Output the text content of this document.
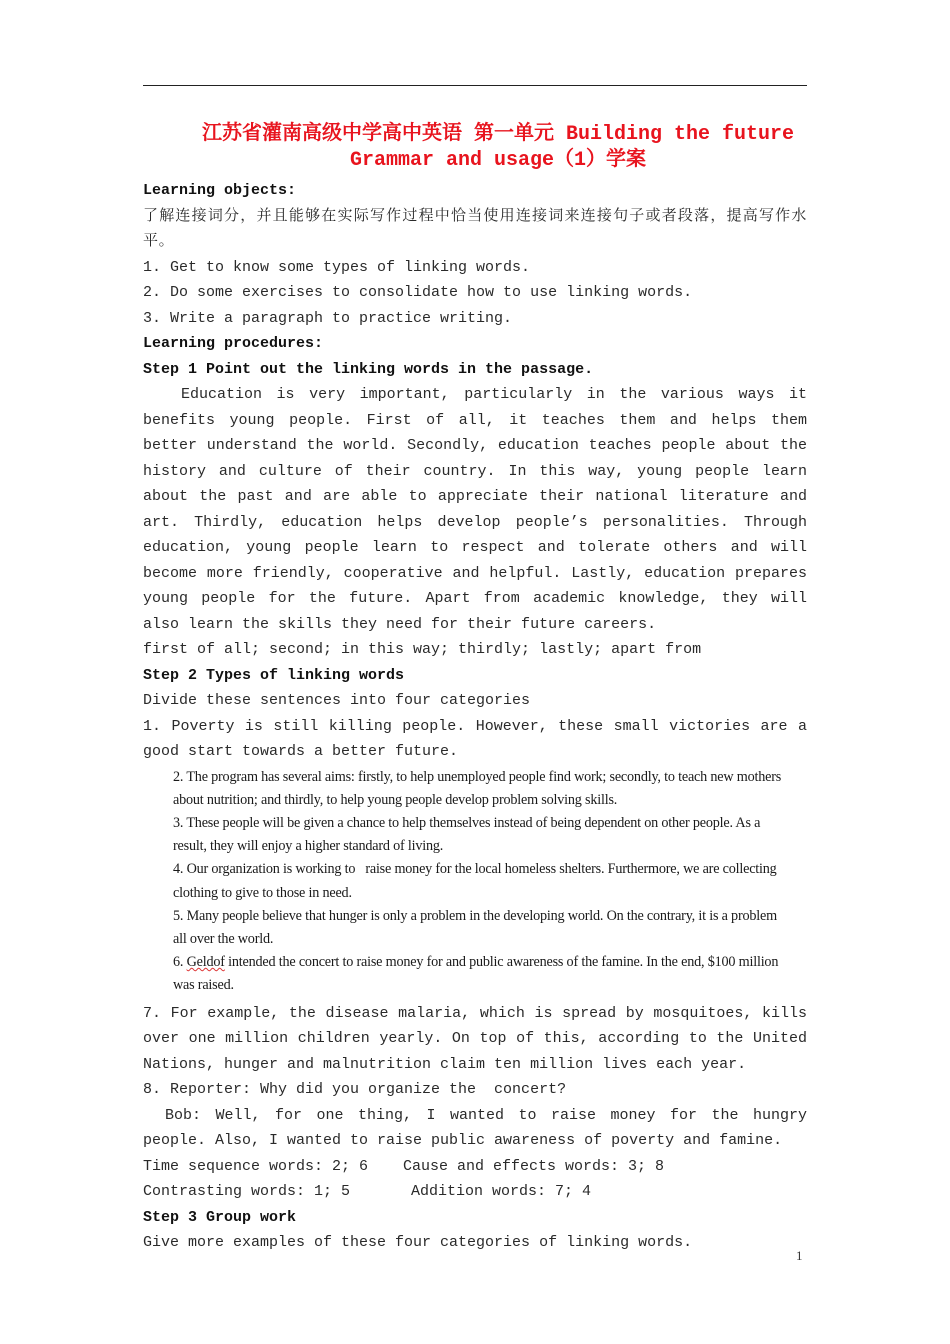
江苏省灌南高级中学高中英语 第一单元 Building the future
Grammar and usage（1）学案

Learning objects:

了解连接词分，并且能够在实际写作过程中恰当使用连接词来连接句子或者段落，提高写作水平。

1. Get to know some types of linking words.

2. Do some exercises to consolidate how to use linking words.

3. Write a paragraph to practice writing.

Learning procedures:

Step 1 Point out the linking words in the passage.

Education is very important, particularly in the various ways it benefits young people. First of all, it teaches them and helps them better understand the world. Secondly, education teaches people about the history and culture of their country. In this way, young people learn about the past and are able to appreciate their national literature and art. Thirdly, education helps develop people’s personalities. Through education, young people learn to respect and tolerate others and will become more friendly, cooperative and helpful. Lastly, education prepares young people for the future. Apart from academic knowledge, they will also learn the skills they need for their future careers.

first of all; second; in this way; thirdly; lastly; apart from

Step 2 Types of linking words

Divide these sentences into four categories

1. Poverty is still killing people. However, these small victories are a good start towards a better future.

2. The program has several aims: firstly, to help unemployed people find work; secondly, to teach new mothers about nutrition; and thirdly, to help young people develop problem solving skills.

3. These people will be given a chance to help themselves instead of being dependent on other people. As a result, they will enjoy a higher standard of living.

4. Our organization is working to   raise money for the local homeless shelters. Furthermore, we are collecting clothing to give to those in need.

5. Many people believe that hunger is only a problem in the developing world. On the contrary, it is a problem all over the world.

6. Geldof intended the concert to raise money for and public awareness of the famine. In the end, $100 million was raised.

7. For example, the disease malaria, which is spread by mosquitoes, kills over one million children yearly. On top of this, according to the United Nations, hunger and malnutrition claim ten million lives each year.

8. Reporter: Why did you organize the  concert?

Bob: Well, for one thing, I wanted to raise money for the hungry people. Also, I wanted to raise public awareness of poverty and famine.

Time sequence words: 2; 6	Cause and effects words: 3; 8
Contrasting words: 1; 5	Addition words: 7; 4

Step 3 Group work

Give more examples of these four categories of linking words.

1
